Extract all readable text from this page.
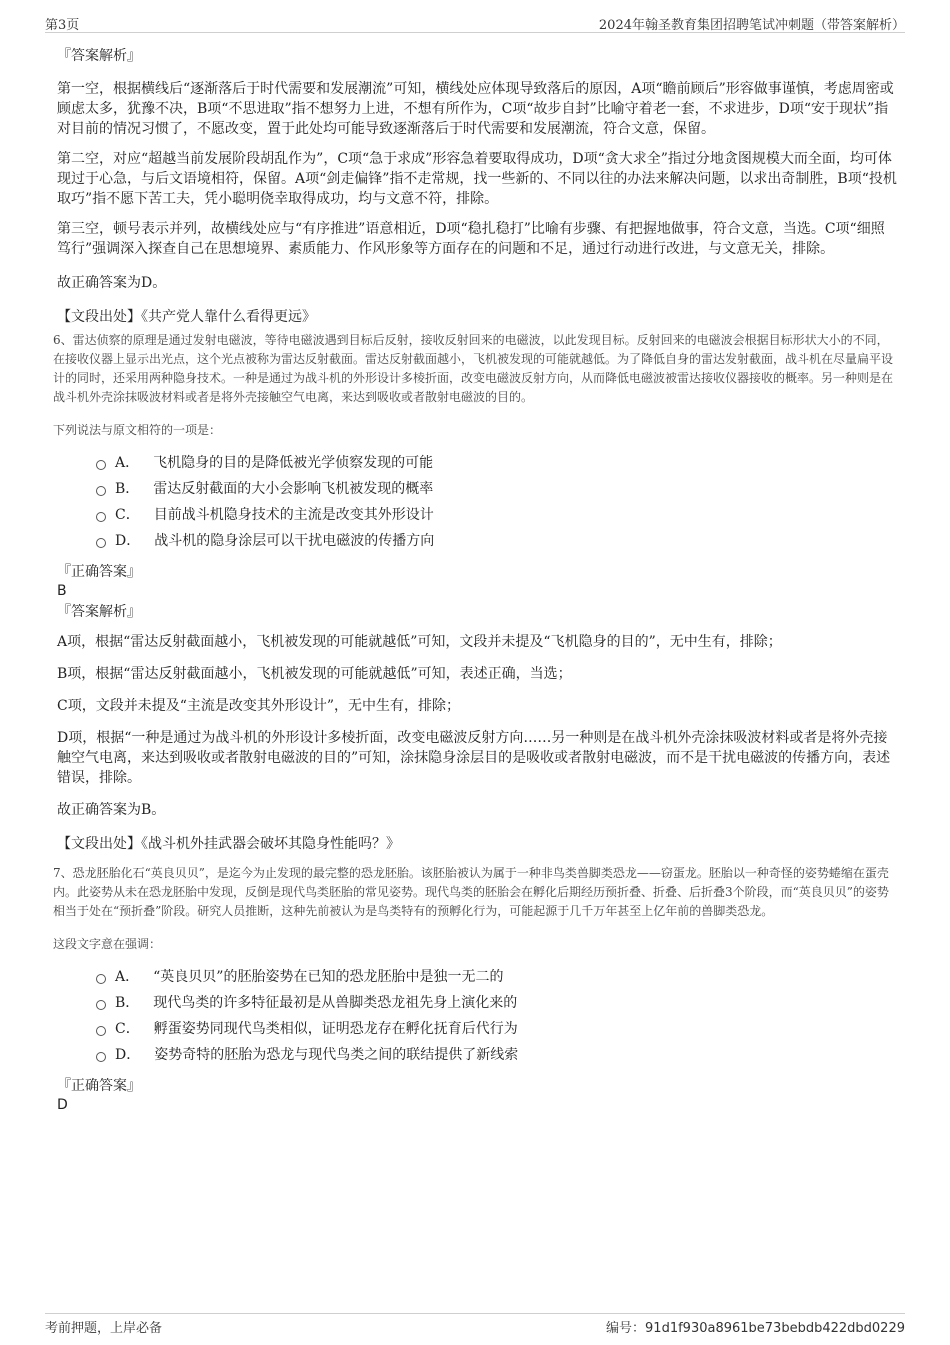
第3页	2024年翰圣教育集团招聘笔试冲刺题（带答案解析）
『答案解析』

第一空，根据横线后“逐渐落后于时代需要和发展潮流”可知，横线处应体现导致落后的原因，A项“瞻前顾后”形容做事谨慎，考虑周密或顾虑太多，犹豫不决，B项“不思进取”指不想努力上进，不想有所作为，C项“故步自封”比喻守着老一套，不求进步，D项“安于现状”指对目前的情况习惯了，不愿改变，置于此处均可能导致逐渐落后于时代需要和发展潮流，符合文意，保留。

第二空，对应“超越当前发展阶段胡乱作为”，C项“急于求成”形容急着要取得成功，D项“贪大求全”指过分地贪图规模大而全面，均可体现过于心急，与后文语境相符，保留。A项“剑走偏锋”指不走常规，找一些新的、不同以往的办法来解决问题，以求出奇制胜，B项“投机取巧”指不愿下苦工夫，凭小聪明侥幸取得成功，均与文意不符，排除。

第三空，顿号表示并列，故横线处应与“有序推进”语意相近，D项“稳扎稳打”比喻有步骤、有把握地做事，符合文意，当选。C项“细照笃行”强调深入探查自己在思想境界、素质能力、作风形象等方面存在的问题和不足，通过行动进行改进，与文意无关，排除。

故正确答案为D。

【文段出处】《共产党人靠什么看得更远》

6、雷达侦察的原理是通过发射电磁波，等待电磁波遇到目标后反射，接收反射回来的电磁波，以此发现目标。反射回来的电磁波会根据目标形状大小的不同，在接收仪器上显示出光点，这个光点被称为雷达反射截面。雷达反射截面越小，飞机被发现的可能就越低。为了降低自身的雷达发射截面，战斗机在尽量扁平设计的同时，还采用两种隐身技术。一种是通过为战斗机的外形设计多棱折面，改变电磁波反射方向，从而降低电磁波被雷达接收仪器接收的概率。另一种则是在战斗机外壳涂抹吸波材料或者是将外壳接触空气电离，来达到吸收或者散射电磁波的目的。

下列说法与原文相符的一项是：

A． 飞机隐身的目的是降低被光学侦察发现的可能
B． 雷达反射截面的大小会影响飞机被发现的概率
C． 目前战斗机隐身技术的主流是改变其外形设计
D． 战斗机的隐身涂层可以干扰电磁波的传播方向
『正确答案』

B

『答案解析』

A项，根据“雷达反射截面越小，飞机被发现的可能就越低”可知，文段并未提及“飞机隐身的目的”，无中生有，排除；

B项，根据“雷达反射截面越小，飞机被发现的可能就越低”可知，表述正确，当选；

C项，文段并未提及“主流是改变其外形设计”，无中生有，排除；

D项，根据“一种是通过为战斗机的外形设计多棱折面，改变电磁波反射方向……另一种则是在战斗机外壳涂抹吸波材料或者是将外壳接触空气电离，来达到吸收或者散射电磁波的目的”可知，涂抹隐身涂层目的是吸收或者散射电磁波，而不是干扰电磁波的传播方向，表述错误，排除。

故正确答案为B。

【文段出处】《战斗机外挂武器会破坏其隐身性能吗？》

7、恐龙胚胎化石“英良贝贝”，是迄今为止发现的最完整的恐龙胚胎。该胚胎被认为属于一种非鸟类兽脚类恐龙——窃蛋龙。胚胎以一种奇怪的姿势蜷缩在蛋壳内。此姿势从未在恐龙胚胎中发现，反倒是现代鸟类胚胎的常见姿势。现代鸟类的胚胎会在孵化后期经历预折叠、折叠、后折叠3个阶段，而“英良贝贝”的姿势相当于处在“预折叠”阶段。研究人员推断，这种先前被认为是鸟类特有的预孵化行为，可能起源于几千万年甚至上亿年前的兽脚类恐龙。

这段文字意在强调：

A． “英良贝贝”的胚胎姿势在已知的恐龙胚胎中是独一无二的
B． 现代鸟类的许多特征最初是从兽脚类恐龙祖先身上演化来的
C． 孵蛋姿势同现代鸟类相似，证明恐龙存在孵化抚育后代行为
D． 姿势奇特的胚胎为恐龙与现代鸟类之间的联结提供了新线索
『正确答案』

D

考前押题，上岸必备	编号：91d1f930a8961be73bebdb422dbd0229
